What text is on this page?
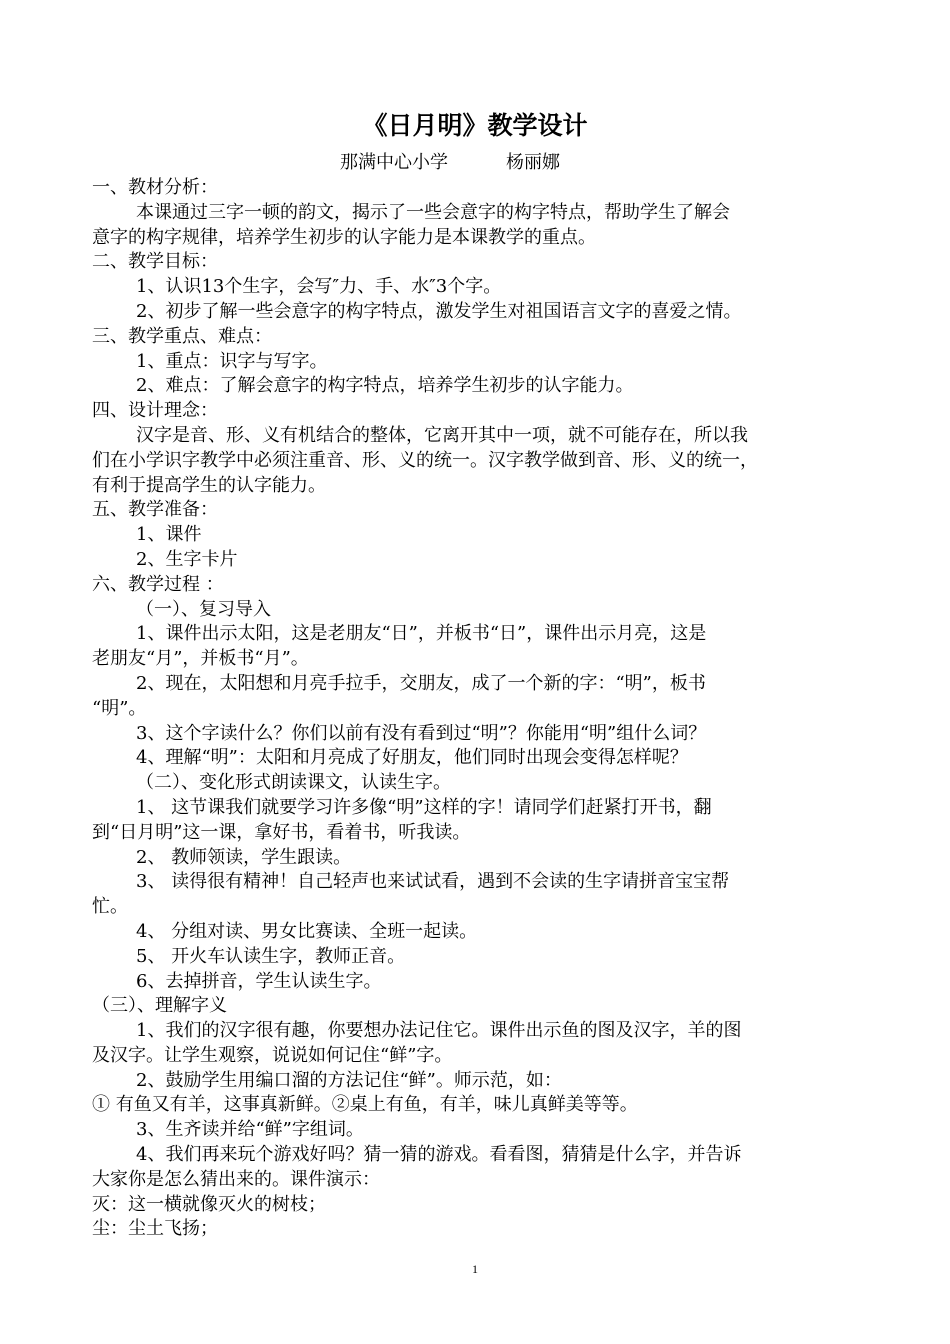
《日月明》教学设计
那满中心小学	杨丽娜
一、教材分析：
本课通过三字一顿的韵文，揭示了一些会意字的构字特点，帮助学生了解会
意字的构字规律，培养学生初步的认字能力是本课教学的重点。
二、教学目标：
1、认识13个生字，会写″力、手、水″3个字。
2、初步了解一些会意字的构字特点，激发学生对祖国语言文字的喜爱之情。
三、教学重点、难点：
1、重点：识字与写字。
2、难点：了解会意字的构字特点，培养学生初步的认字能力。
四、设计理念：
汉字是音、形、义有机结合的整体，它离开其中一项，就不可能存在，所以我
们在小学识字教学中必须注重音、形、义的统一。汉字教学做到音、形、义的统一，
有利于提高学生的认字能力。
五、教学准备：
1、课件
2、生字卡片
六、教学过程 ：
（一）、复习导入
1、课件出示太阳，这是老朋友“日”，并板书“日”，课件出示月亮，这是
老朋友“月”，并板书“月”。
2、现在，太阳想和月亮手拉手，交朋友，成了一个新的字：“明”，板书
“明”。
3、这个字读什么？你们以前有没有看到过“明”？你能用“明”组什么词？
4、理解“明”：太阳和月亮成了好朋友，他们同时出现会变得怎样呢？
（二）、变化形式朗读课文，认读生字。
1、 这节课我们就要学习许多像“明”这样的字！请同学们赶紧打开书，翻
到“日月明”这一课，拿好书，看着书，听我读。
2、 教师领读，学生跟读。
3、 读得很有精神！自己轻声也来试试看，遇到不会读的生字请拼音宝宝帮
忙。
4、 分组对读、男女比赛读、全班一起读。
5、 开火车认读生字，教师正音。
6、去掉拼音，学生认读生字。
（三）、理解字义
1、我们的汉字很有趣，你要想办法记住它。课件出示鱼的图及汉字，羊的图
及汉字。让学生观察，说说如何记住“鲜”字。
2、鼓励学生用编口溜的方法记住“鲜”。师示范，如：
① 有鱼又有羊，这事真新鲜。②桌上有鱼，有羊，味儿真鲜美等等。
3、生齐读并给“鲜”字组词。
4、我们再来玩个游戏好吗？猜一猜的游戏。看看图，猜猜是什么字，并告诉
大家你是怎么猜出来的。课件演示：
灭：这一横就像灭火的树枝；
尘：尘土飞扬；
1
